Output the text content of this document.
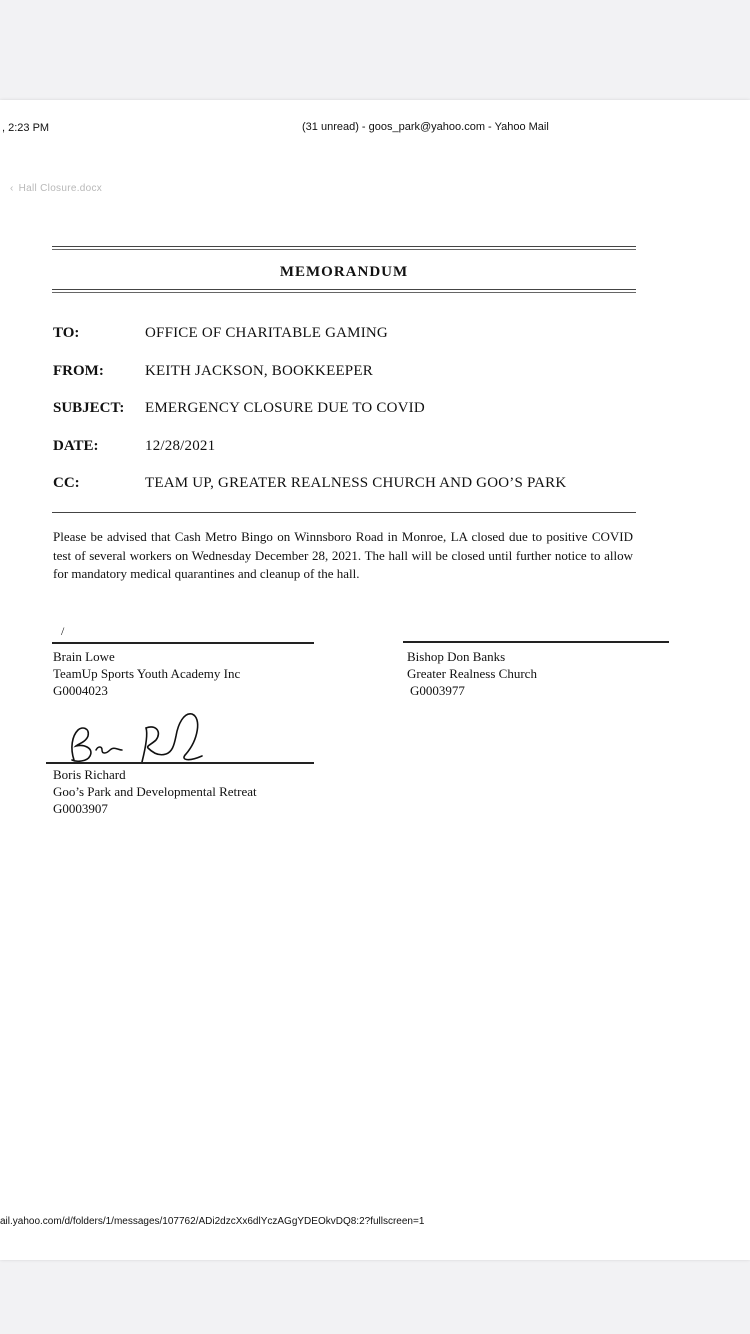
, 2:23 PM	(31 unread) - goos_park@yahoo.com - Yahoo Mail
‹ Hall Closure.docx
MEMORANDUM
TO:	OFFICE OF CHARITABLE GAMING
FROM:	KEITH JACKSON, BOOKKEEPER
SUBJECT: EMERGENCY CLOSURE DUE TO COVID
DATE:	12/28/2021
CC:	TEAM UP, GREATER REALNESS CHURCH AND GOO’S PARK
Please be advised that Cash Metro Bingo on Winnsboro Road in Monroe, LA closed due to positive COVID test of several workers on Wednesday December 28, 2021. The hall will be closed until further notice to allow for mandatory medical quarantines and cleanup of the hall.
/
Brain Lowe
TeamUp Sports Youth Academy Inc
G0004023
Bishop Don Banks
Greater Realness Church
G0003977
Boris Richard
Goo’s Park and Developmental Retreat
G0003907
ail.yahoo.com/d/folders/1/messages/107762/ADi2dzcXx6dlYczAGgYDEOkvDQ8:2?fullscreen=1
